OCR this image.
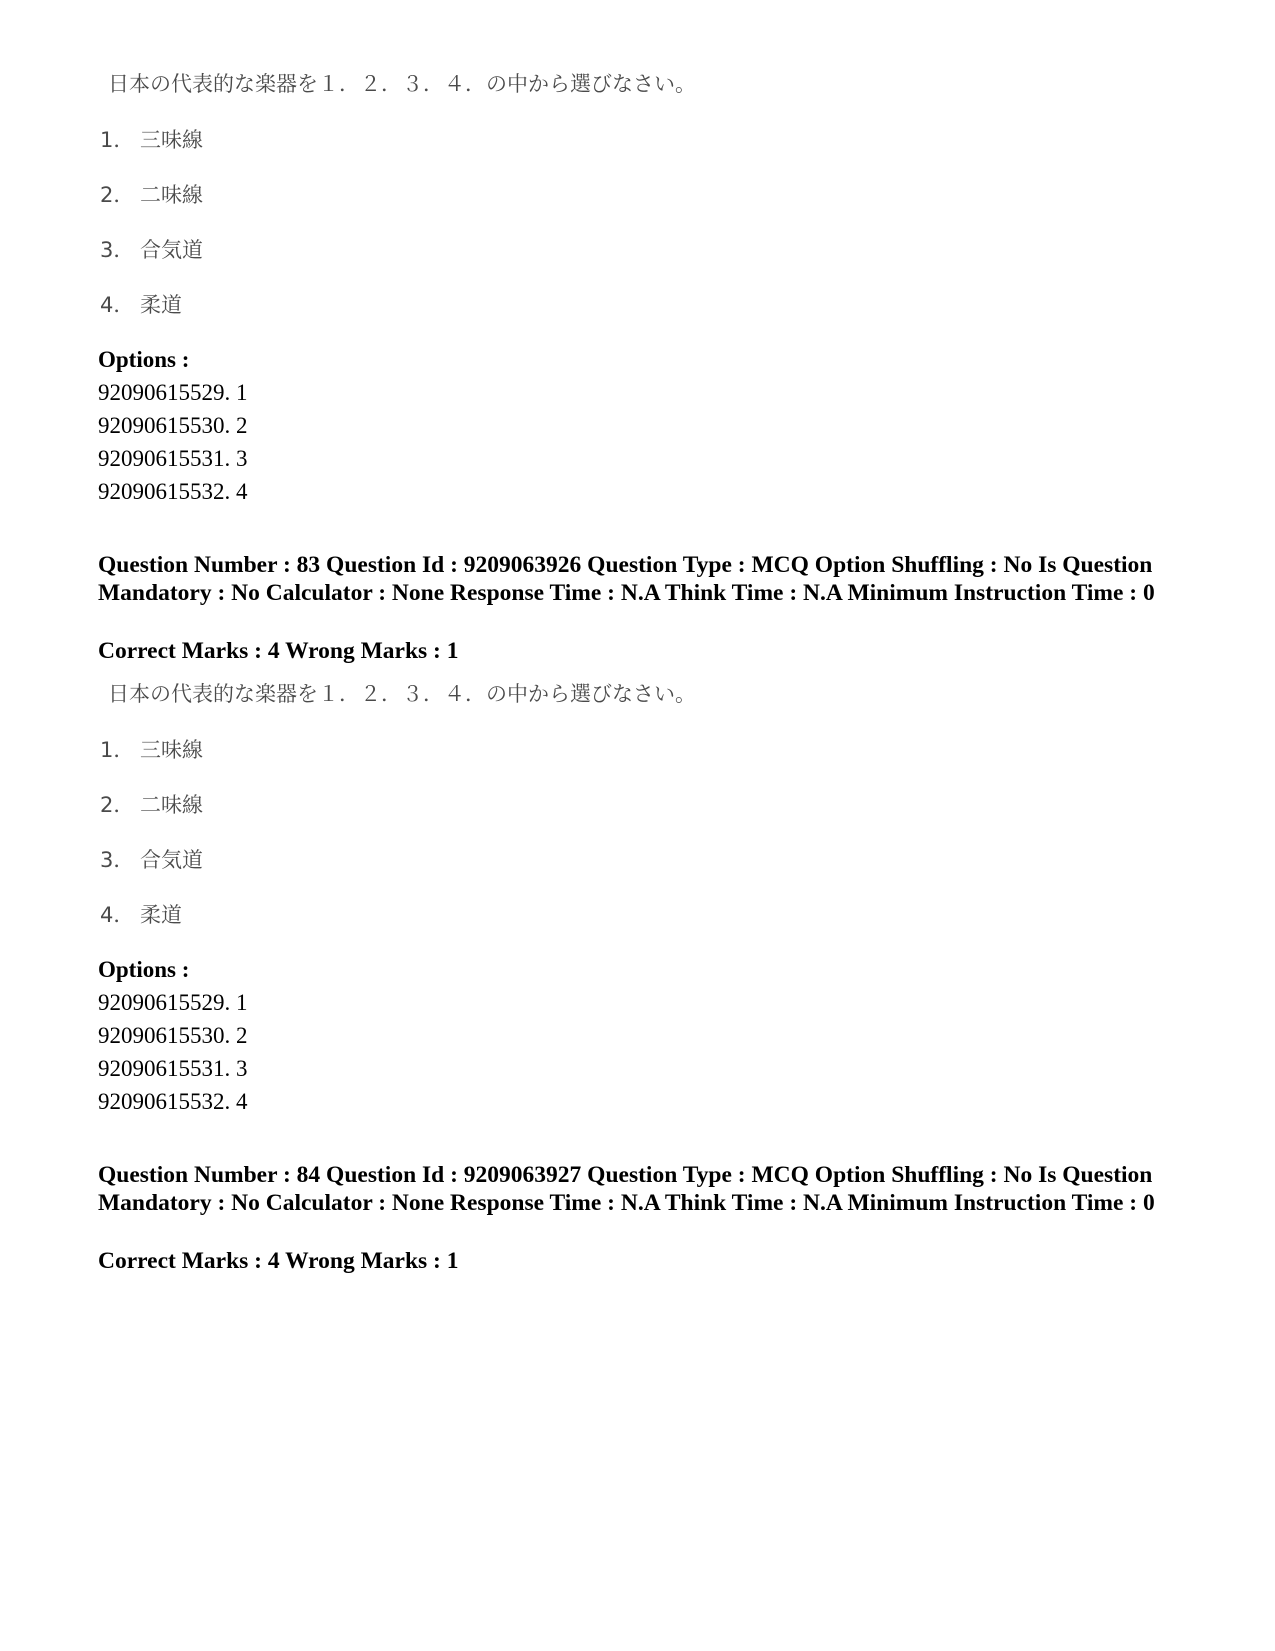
日本の代表的な楽器を１．２．３．４．の中から選びなさい。
1． 三味線
2． 二味線
3． 合気道
4． 柔道
Options :
92090615529. 1
92090615530. 2
92090615531. 3
92090615532. 4
Question Number : 83 Question Id : 9209063926 Question Type : MCQ Option Shuffling : No Is Question Mandatory : No Calculator : None Response Time : N.A Think Time : N.A Minimum Instruction Time : 0
Correct Marks : 4 Wrong Marks : 1
日本の代表的な楽器を１．２．３．４．の中から選びなさい。
1． 三味線
2． 二味線
3． 合気道
4． 柔道
Options :
92090615529. 1
92090615530. 2
92090615531. 3
92090615532. 4
Question Number : 84 Question Id : 9209063927 Question Type : MCQ Option Shuffling : No Is Question Mandatory : No Calculator : None Response Time : N.A Think Time : N.A Minimum Instruction Time : 0
Correct Marks : 4 Wrong Marks : 1
